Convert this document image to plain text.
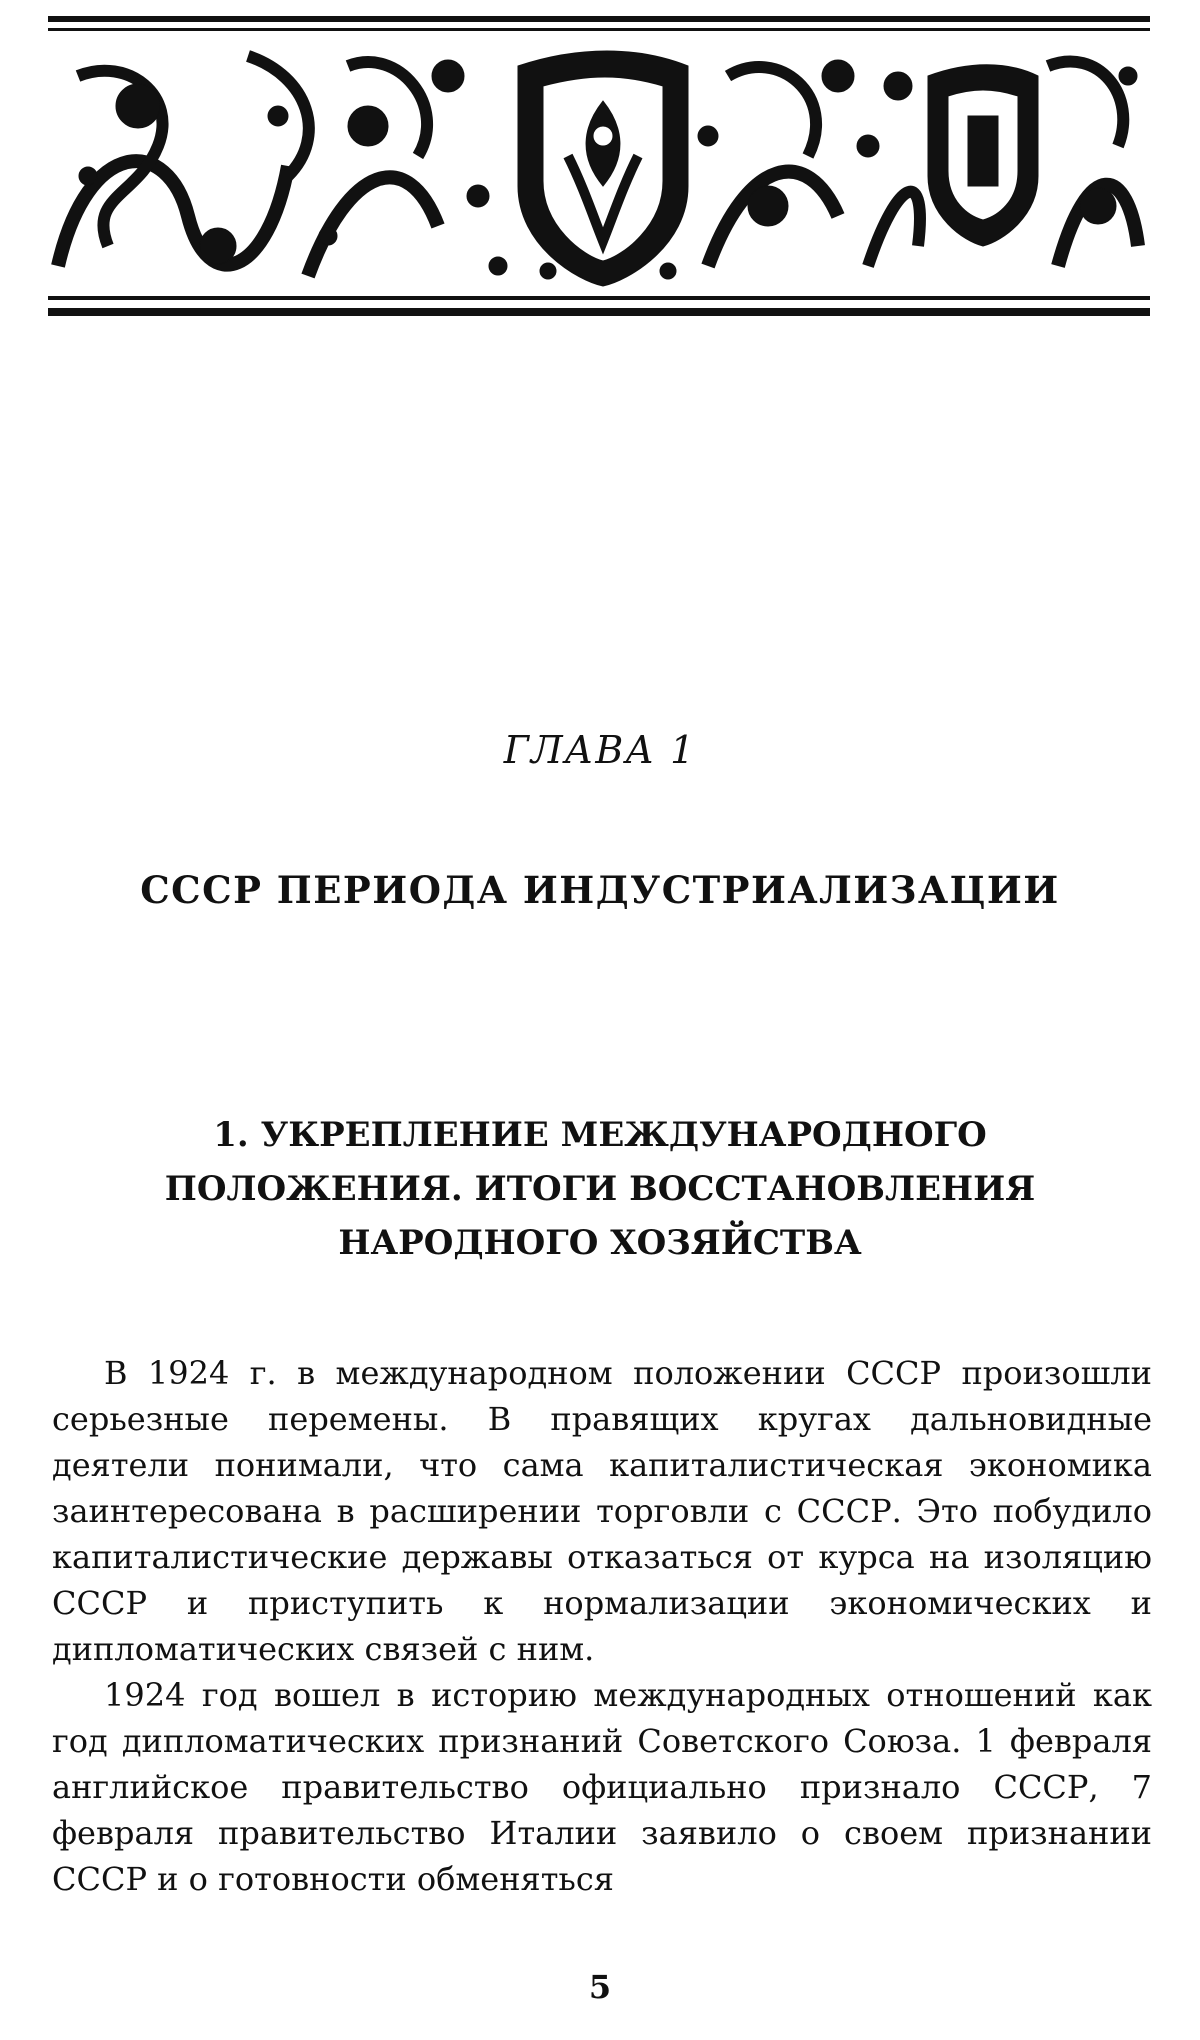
ГЛАВА 1
СССР ПЕРИОДА ИНДУСТРИАЛИЗАЦИИ
1. УКРЕПЛЕНИЕ МЕЖДУНАРОДНОГО
ПОЛОЖЕНИЯ. ИТОГИ ВОССТАНОВЛЕНИЯ
НАРОДНОГО ХОЗЯЙСТВА

В 1924 г. в международном положении СССР произошли серьезные перемены. В правящих кругах дальновидные деятели понимали, что сама капиталистическая экономика заинтересована в расширении торговли с СССР. Это побудило капиталистические державы отказаться от курса на изоляцию СССР и приступить к нормализации экономических и дипломатических связей с ним.

1924 год вошел в историю международных отношений как год дипломатических признаний Советского Союза. 1 февраля английское правительство официально признало СССР, 7 февраля правительство Италии заявило о своем признании СССР и о готовности обменяться

5
